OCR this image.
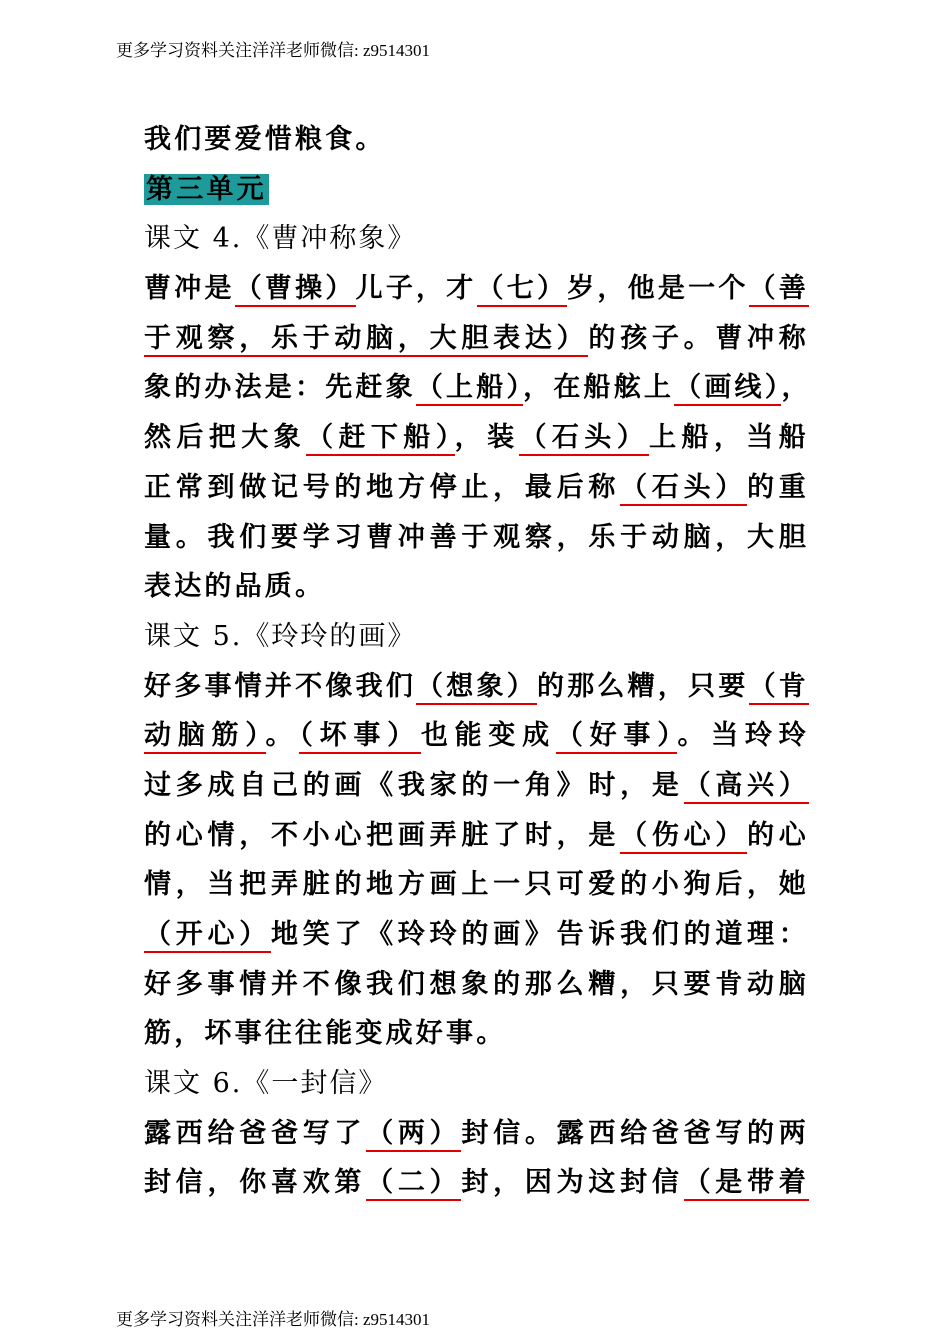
更多学习资料关注洋洋老师微信: z9514301
我们要爱惜粮食。
第三单元
课文 4.《曹冲称象》
曹冲是（曹操）儿子，才（七）岁，他是一个（善
于观察，乐于动脑，大胆表达）的孩子。曹冲称
象的办法是：先赶象（上船），在船舷上（画线），
然后把大象（赶下船），装（石头）上船，当船
正常到做记号的地方停止，最后称（石头）的重
量。我们要学习曹冲善于观察，乐于动脑，大胆
表达的品质。
课文 5.《玲玲的画》
好多事情并不像我们（想象）的那么糟，只要（肯
动脑筋）。（坏事）也能变成（好事）。当玲玲
过多成自己的画《我家的一角》时，是（高兴）
的心情，不小心把画弄脏了时，是（伤心）的心
情，当把弄脏的地方画上一只可爱的小狗后，她
（开心）地笑了《玲玲的画》告诉我们的道理：
好多事情并不像我们想象的那么糟，只要肯动脑
筋，坏事往往能变成好事。
课文 6.《一封信》
露西给爸爸写了（两）封信。露西给爸爸写的两
封信，你喜欢第（二）封，因为这封信（是带着
更多学习资料关注洋洋老师微信: z9514301
